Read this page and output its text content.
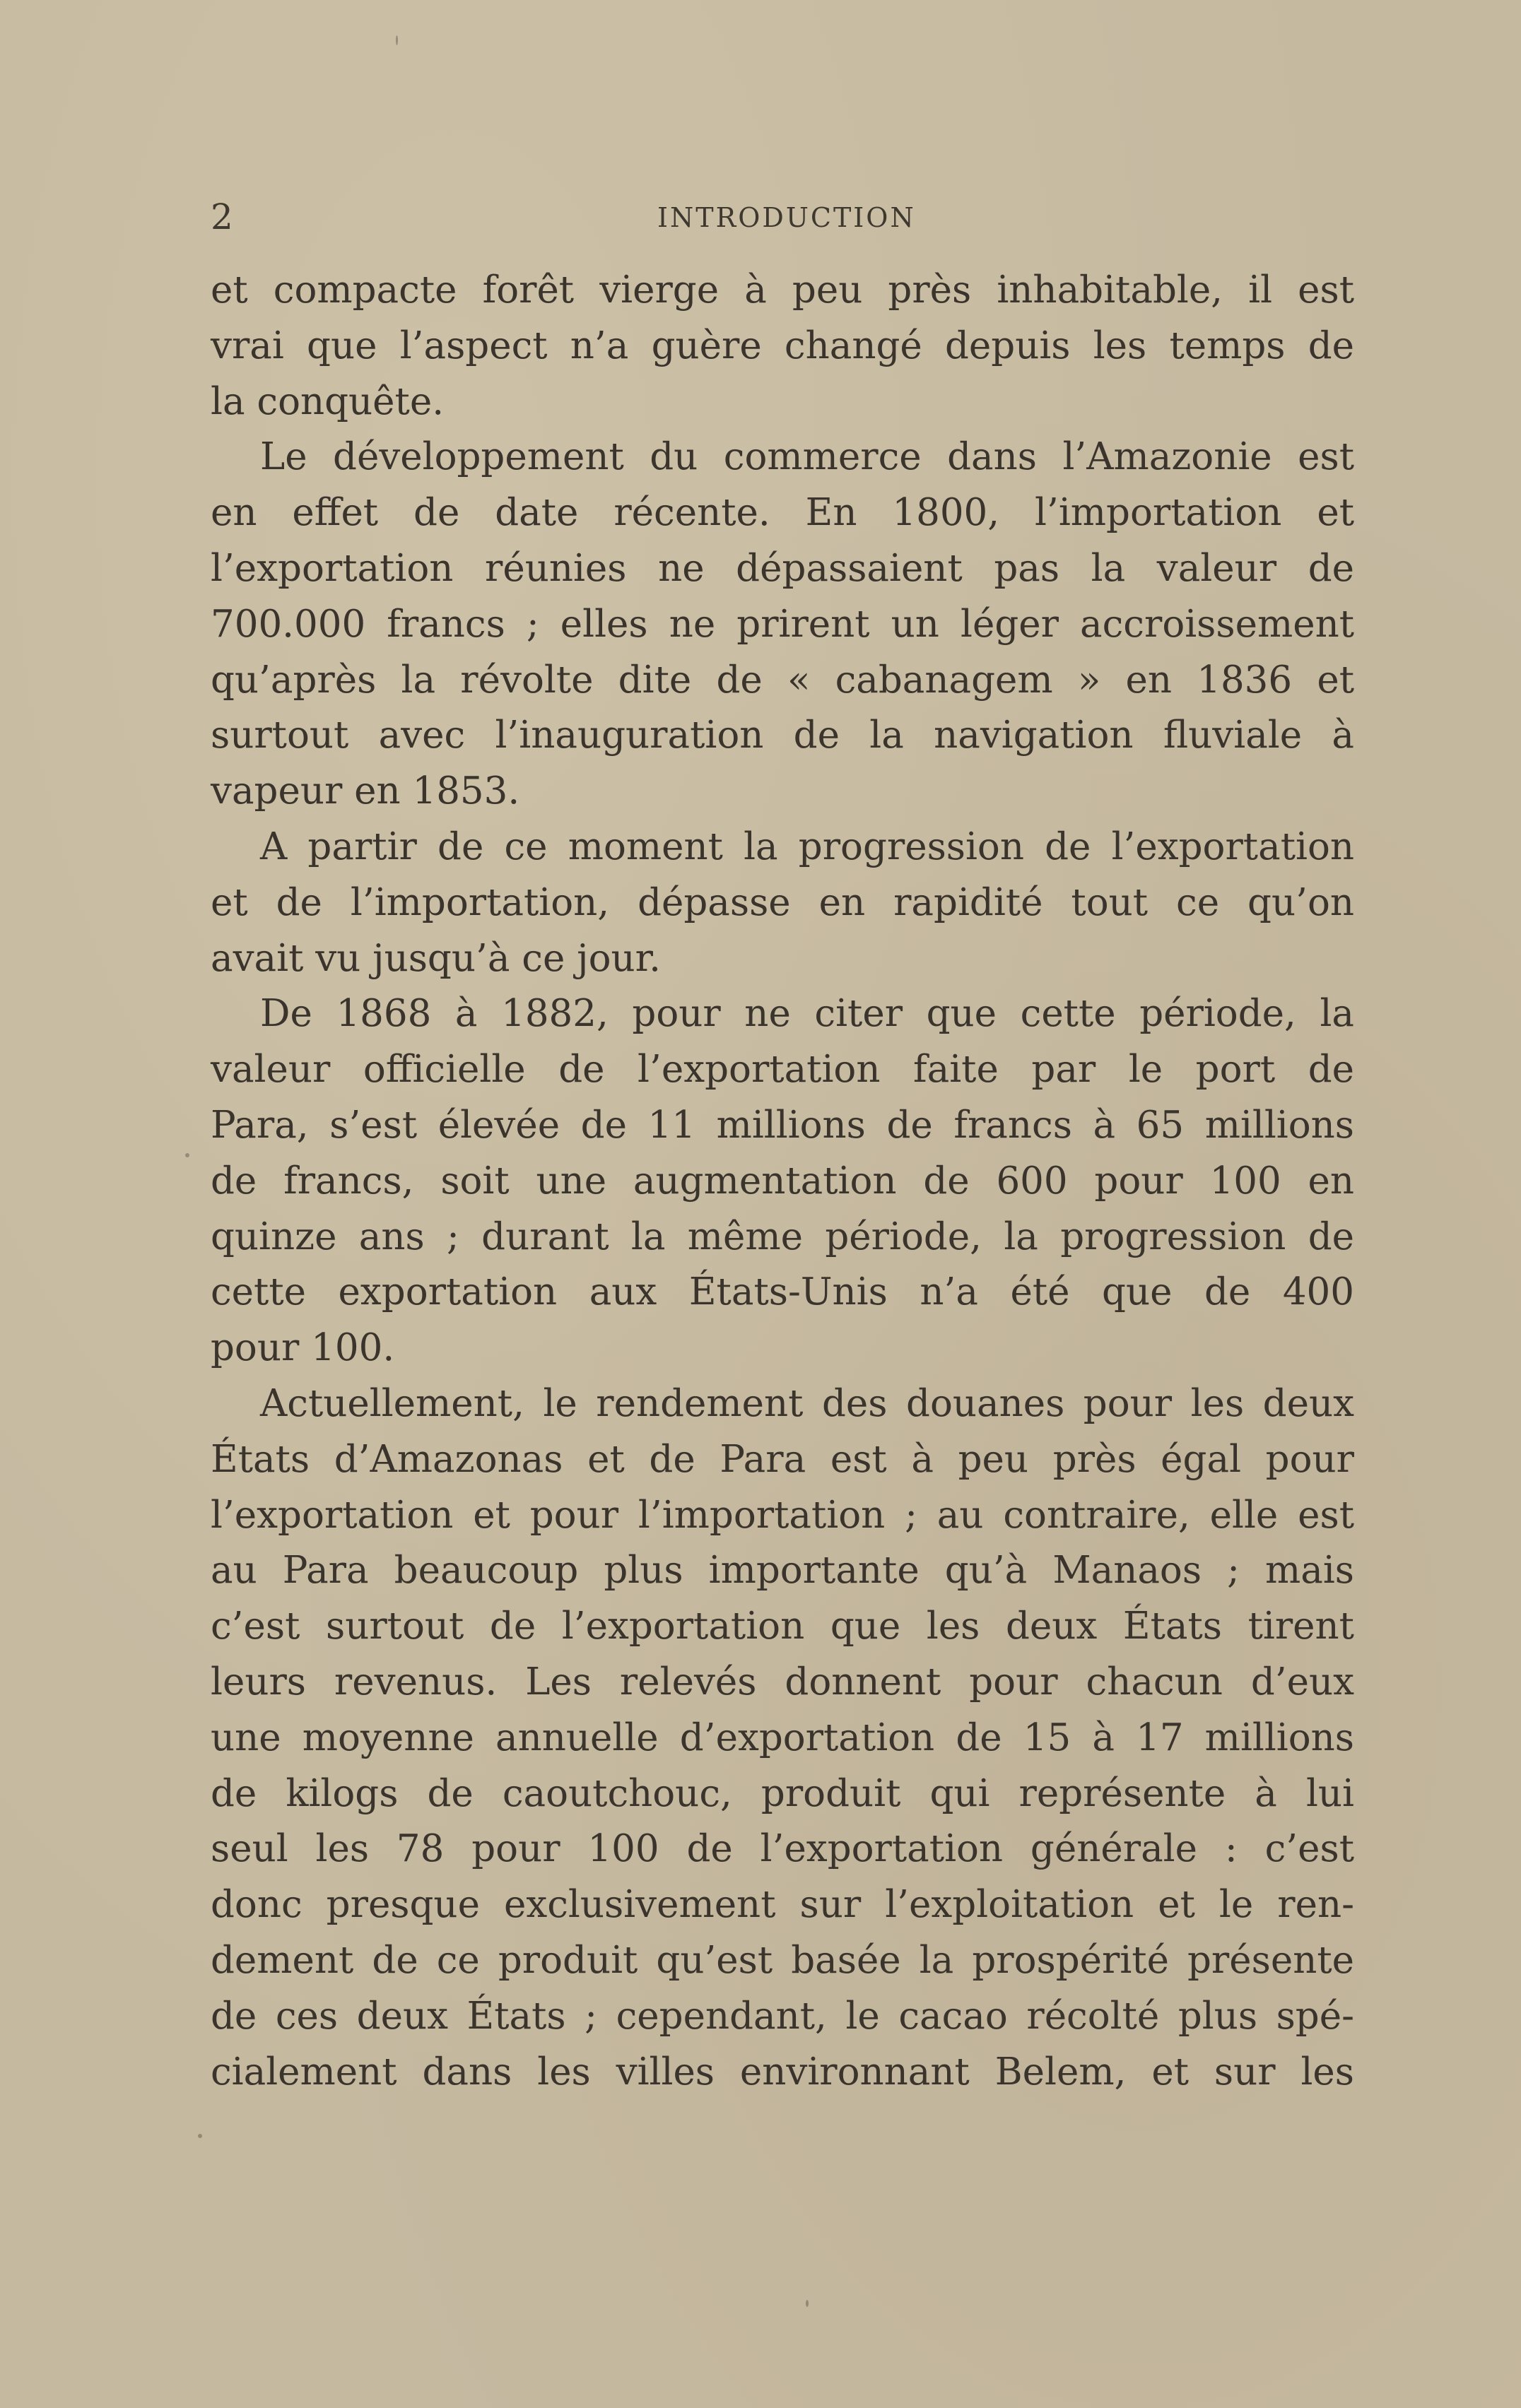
2	INTRODUCTION
et compacte forêt vierge à peu près inhabitable, il est
vrai que l’aspect n’a guère changé depuis les temps de
la conquête.
Le développement du commerce dans l’Amazonie est
en effet de date récente. En 1800, l’importation et
l’exportation réunies ne dépassaient pas la valeur de
700.000 francs ; elles ne prirent un léger accroissement
qu’après la révolte dite de « cabanagem » en 1836 et
surtout avec l’inauguration de la navigation fluviale à
vapeur en 1853.
A partir de ce moment la progression de l’exportation
et de l’importation, dépasse en rapidité tout ce qu’on
avait vu jusqu’à ce jour.
De 1868 à 1882, pour ne citer que cette période, la
valeur officielle de l’exportation faite par le port de
Para, s’est élevée de 11 millions de francs à 65 millions
de francs, soit une augmentation de 600 pour 100 en
quinze ans ; durant la même période, la progression de
cette exportation aux États-Unis n’a été que de 400
pour 100.
Actuellement, le rendement des douanes pour les deux
États d’Amazonas et de Para est à peu près égal pour
l’exportation et pour l’importation ; au contraire, elle est
au Para beaucoup plus importante qu’à Manaos ; mais
c’est surtout de l’exportation que les deux États tirent
leurs revenus. Les relevés donnent pour chacun d’eux
une moyenne annuelle d’exportation de 15 à 17 millions
de kilogs de caoutchouc, produit qui représente à lui
seul les 78 pour 100 de l’exportation générale : c’est
donc presque exclusivement sur l’exploitation et le ren-
dement de ce produit qu’est basée la prospérité présente
de ces deux États ; cependant, le cacao récolté plus spé-
cialement dans les villes environnant Belem, et sur les
